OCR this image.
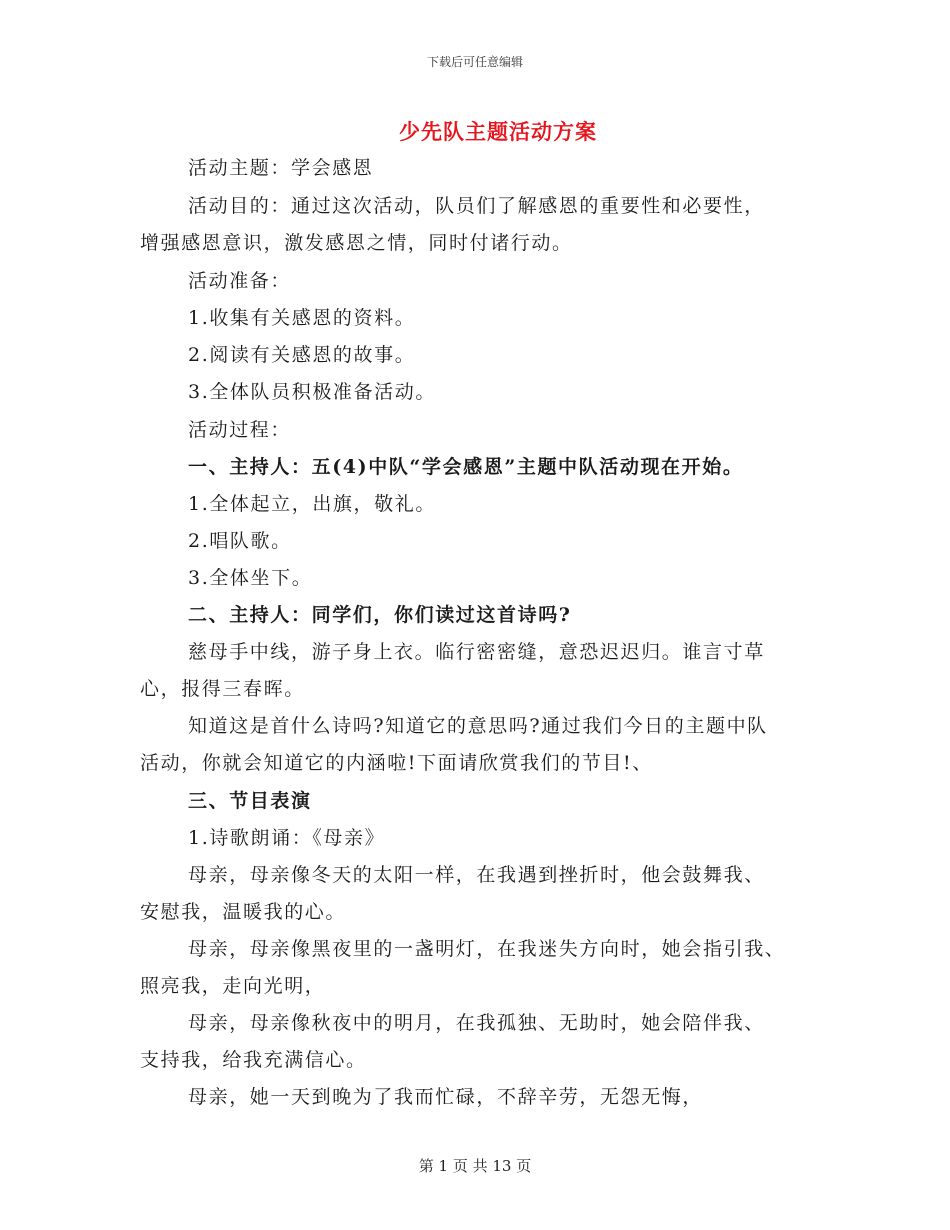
下载后可任意编辑
少先队主题活动方案
活动主题：学会感恩
活动目的：通过这次活动，队员们了解感恩的重要性和必要性，
增强感恩意识，激发感恩之情，同时付诸行动。
活动准备：
1.收集有关感恩的资料。
2.阅读有关感恩的故事。
3.全体队员积极准备活动。
活动过程：
一、主持人：五(4)中队“学会感恩”主题中队活动现在开始。
1.全体起立，出旗，敬礼。
2.唱队歌。
3.全体坐下。
二、主持人：同学们，你们读过这首诗吗?
慈母手中线，游子身上衣。临行密密缝，意恐迟迟归。谁言寸草
心，报得三春晖。
知道这是首什么诗吗?知道它的意思吗?通过我们今日的主题中队
活动，你就会知道它的内涵啦!下面请欣赏我们的节目!、
三、节目表演
1.诗歌朗诵：《母亲》
母亲，母亲像冬天的太阳一样，在我遇到挫折时，他会鼓舞我、
安慰我，温暖我的心。
母亲，母亲像黑夜里的一盏明灯，在我迷失方向时，她会指引我、
照亮我，走向光明，
母亲，母亲像秋夜中的明月，在我孤独、无助时，她会陪伴我、
支持我，给我充满信心。
母亲，她一天到晚为了我而忙碌，不辞辛劳，无怨无悔，
第 1 页 共 13 页
